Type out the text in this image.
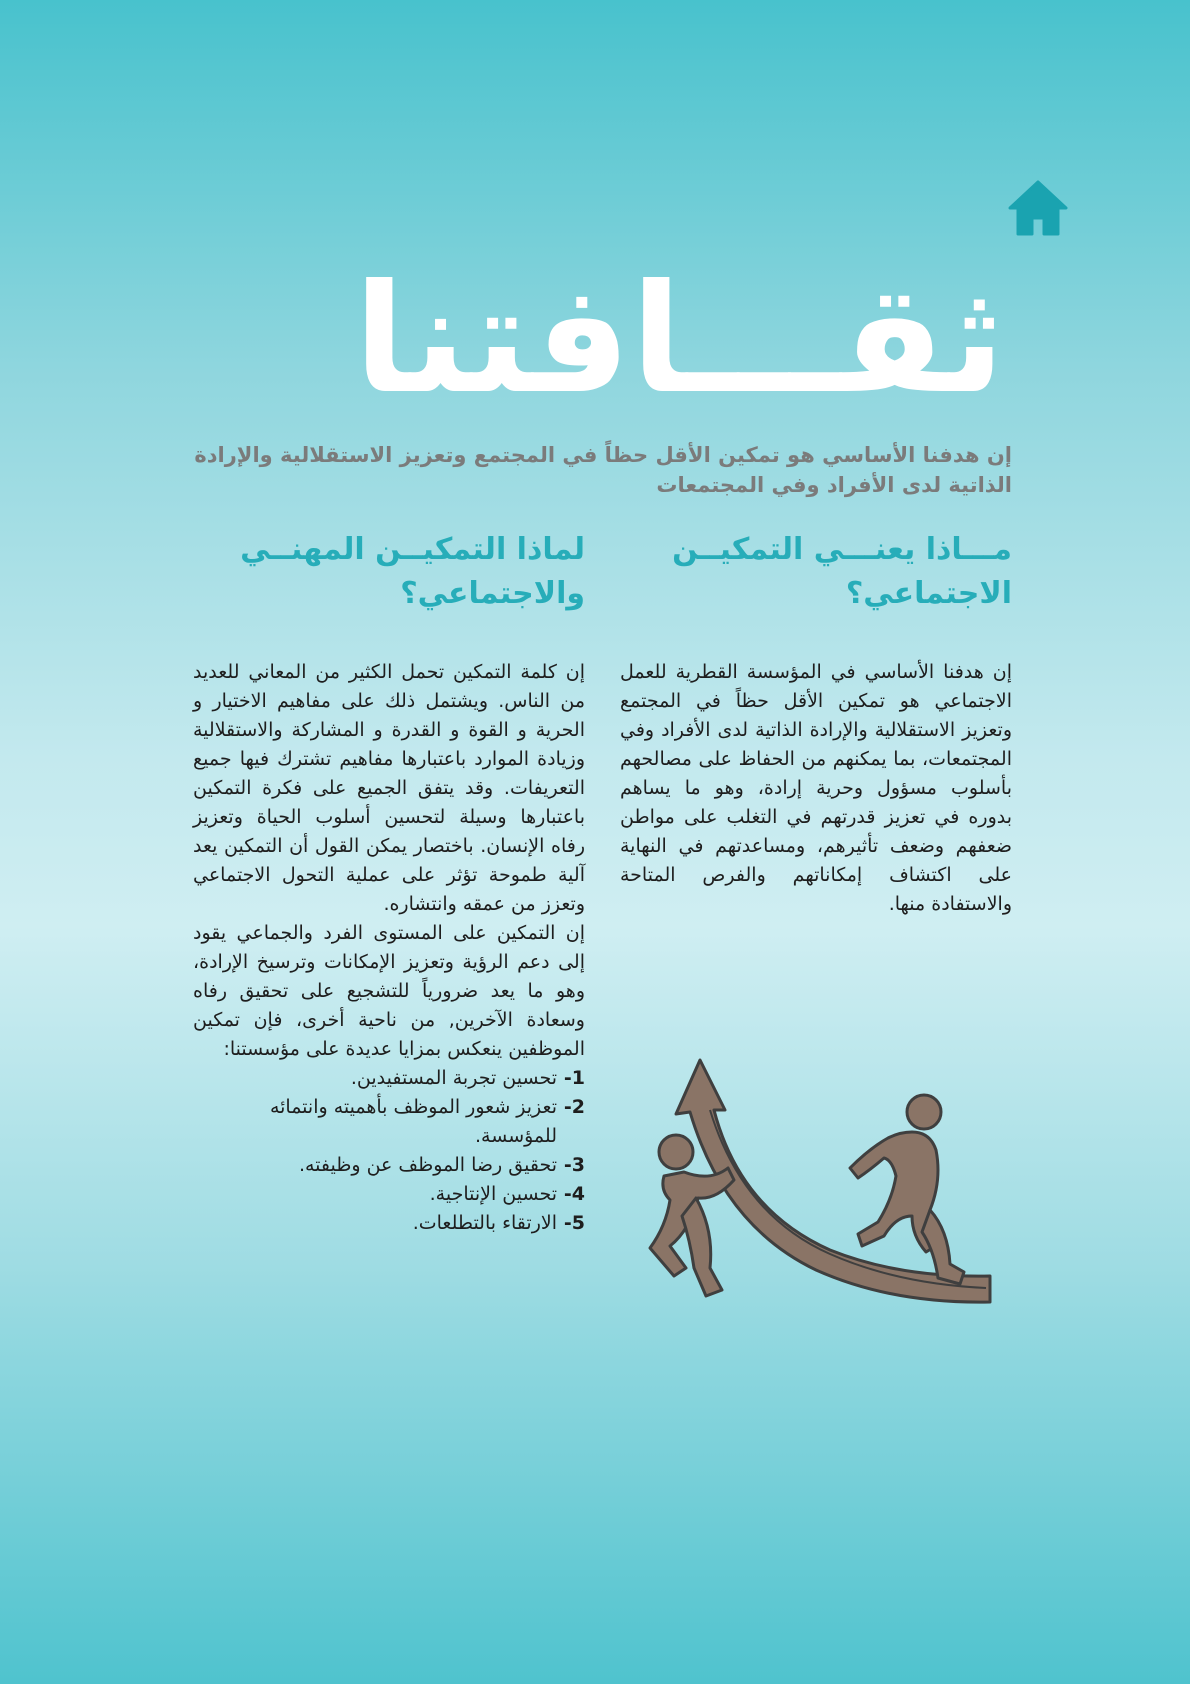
ثقـــافتنا

إن هدفنا الأساسي هو تمكين الأقل حظاً في المجتمع وتعزيز الاستقلالية والإرادة الذاتية لدى الأفراد وفي المجتمعات

مـــاذا يعنـــي التمكيــن الاجتماعي؟

إن هدفنا الأساسي في المؤسسة القطرية للعمل الاجتماعي هو تمكين الأقل حظاً في المجتمع وتعزيز الاستقلالية والإرادة الذاتية لدى الأفراد وفي المجتمعات، بما يمكنهم من الحفاظ على مصالحهم بأسلوب مسؤول وحرية إرادة، وهو ما يساهم بدوره في تعزيز قدرتهم في التغلب على مواطن ضعفهم وضعف تأثيرهم، ومساعدتهم في النهاية على اكتشاف إمكاناتهم والفرص المتاحة والاستفادة منها.

لماذا التمكيــن المهنــي والاجتماعي؟

إن كلمة التمكين تحمل الكثير من المعاني للعديد من الناس. ويشتمل ذلك على مفاهيم الاختيار و الحرية و القوة و القدرة و المشاركة والاستقلالية وزيادة الموارد باعتبارها مفاهيم تشترك فيها جميع التعريفات. وقد يتفق الجميع على فكرة التمكين باعتبارها وسيلة لتحسين أسلوب الحياة وتعزيز رفاه الإنسان. باختصار يمكن القول أن التمكين يعد آلية طموحة تؤثر على عملية التحول الاجتماعي وتعزز من عمقه وانتشاره.

إن التمكين على المستوى الفرد والجماعي يقود إلى دعم الرؤية وتعزيز الإمكانات وترسيخ الإرادة، وهو ما يعد ضرورياً للتشجيع على تحقيق رفاه وسعادة الآخرين, من ناحية أخرى، فإن تمكين الموظفين ينعكس بمزايا عديدة على مؤسستنا:

1-
تحسين تجربة المستفيدين.
2-
تعزيز شعور الموظف بأهميته وانتمائه للمؤسسة.
3-
تحقيق رضا الموظف عن وظيفته.
4-
تحسين الإنتاجية.
5-
الارتقاء بالتطلعات.
